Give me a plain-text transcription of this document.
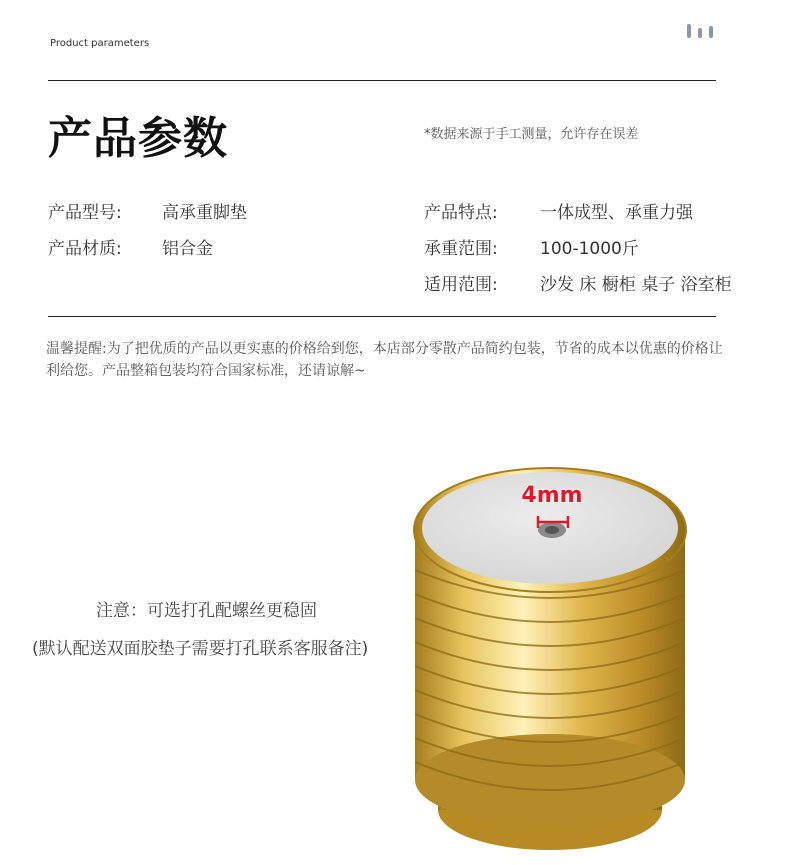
Product parameters
产品参数	*数据来源于手工测量，允许存在误差
产品型号: 高承重脚垫
产品材质: 铝合金
产品特点: 一体成型、承重力强
承重范围: 100-1000斤
适用范围: 沙发 床 橱柜 桌子 浴室柜
温馨提醒:为了把优质的产品以更实惠的价格给到您，本店部分零散产品简约包装，节省的成本以优惠的价格让利给您。产品整箱包装均符合国家标准，还请谅解~
注意：可选打孔配螺丝更稳固
(默认配送双面胶垫子需要打孔联系客服备注)
4mm
